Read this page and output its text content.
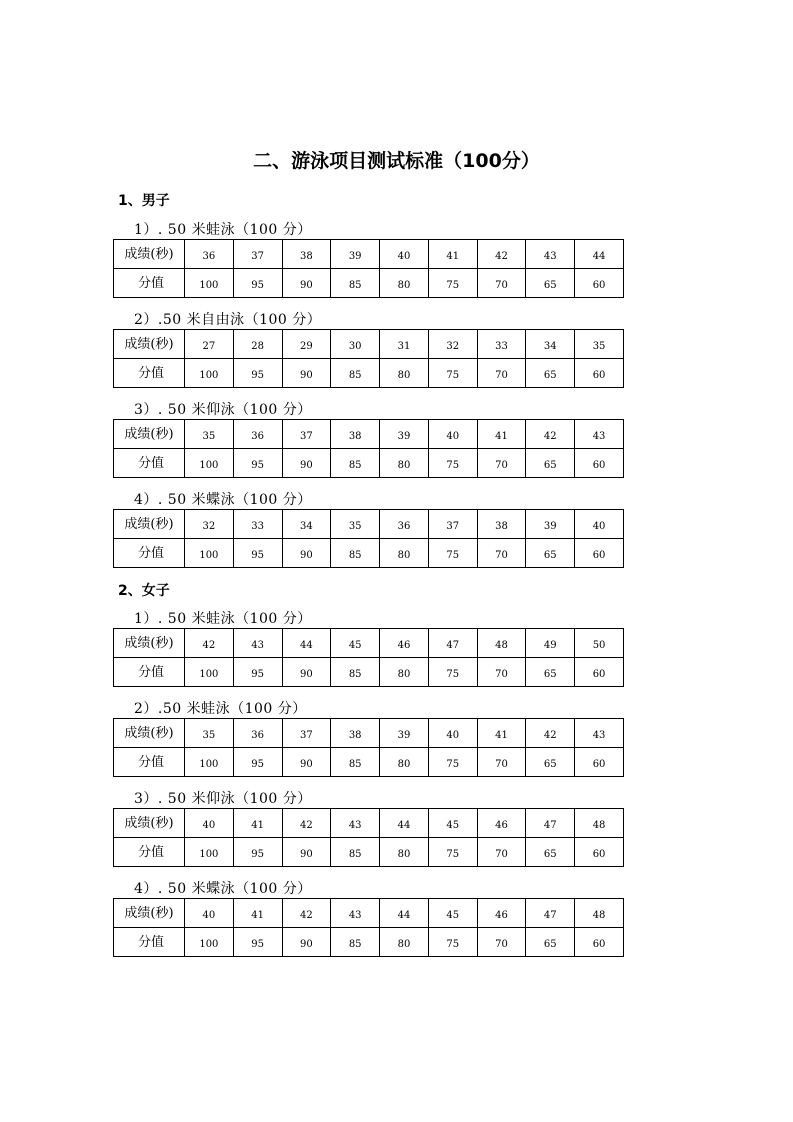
二、游泳项目测试标准（100分）
1、男子
1）. 50 米蛙泳（100 分）
成绩(秒)	36	37	38	39	40	41	42	43	44
分值	100	95	90	85	80	75	70	65	60
2）.50 米自由泳（100 分）
成绩(秒)	27	28	29	30	31	32	33	34	35
分值	100	95	90	85	80	75	70	65	60
3）. 50 米仰泳（100 分）
成绩(秒)	35	36	37	38	39	40	41	42	43
分值	100	95	90	85	80	75	70	65	60
4）. 50 米蝶泳（100 分）
成绩(秒)	32	33	34	35	36	37	38	39	40
分值	100	95	90	85	80	75	70	65	60
2、女子
1）. 50 米蛙泳（100 分）
成绩(秒)	42	43	44	45	46	47	48	49	50
分值	100	95	90	85	80	75	70	65	60
2）.50 米蛙泳（100 分）
成绩(秒)	35	36	37	38	39	40	41	42	43
分值	100	95	90	85	80	75	70	65	60
3）. 50 米仰泳（100 分）
成绩(秒)	40	41	42	43	44	45	46	47	48
分值	100	95	90	85	80	75	70	65	60
4）. 50 米蝶泳（100 分）
成绩(秒)	40	41	42	43	44	45	46	47	48
分值	100	95	90	85	80	75	70	65	60
